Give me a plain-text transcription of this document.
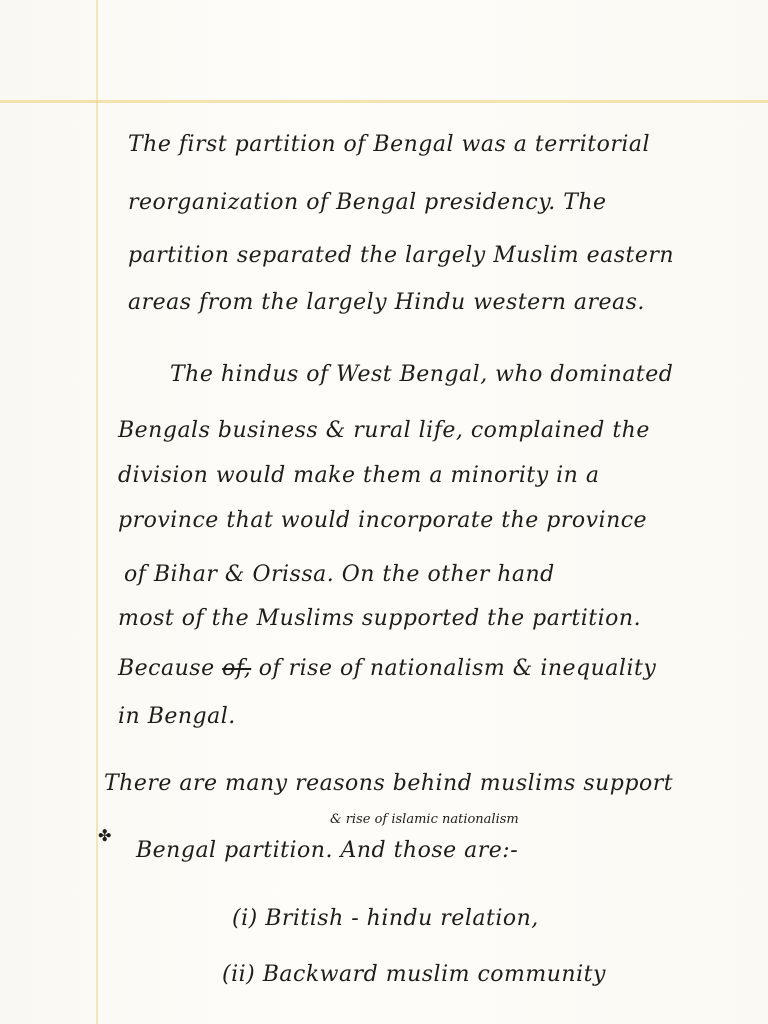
The first partition of Bengal was a territorial
reorganization of Bengal presidency. The
partition separated the largely Muslim eastern
areas from the largely Hindu western areas.
The hindus of West Bengal, who dominated
Bengals business & rural life, complained the
division would make them a minority in a
province that would incorporate the province
of Bihar & Orissa. On the other hand
most of the Muslims supported the partition.
Because of, of rise of nationalism & inequality
in Bengal.
There are many reasons behind muslims support
& rise of islamic nationalism
✤
Bengal partition. And those are:-
(i) British - hindu relation,
(ii) Backward muslim community
